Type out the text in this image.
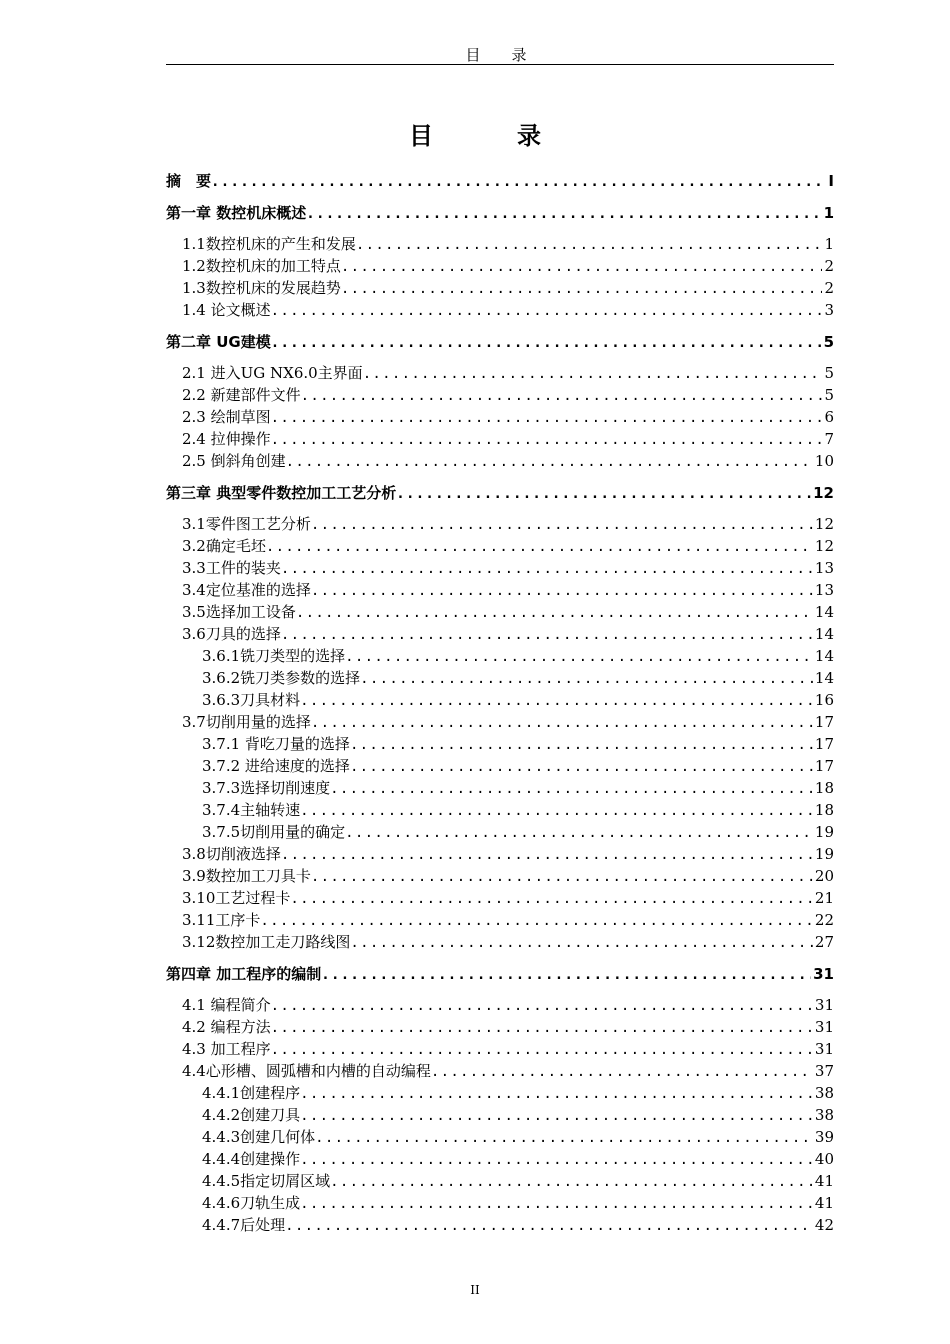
目　录
目　录
摘　要 .....	I
第一章 数控机床概述 .....	1
1.1数控机床的产生和发展 .....	1
1.2数控机床的加工特点 .....	2
1.3数控机床的发展趋势 .....	2
1.4 论文概述 .....	3
第二章 UG建模 .....	5
2.1 进入UG NX6.0主界面 .....	5
2.2 新建部件文件 .....	5
2.3 绘制草图 .....	6
2.4 拉伸操作 .....	7
2.5 倒斜角创建 .....	10
第三章 典型零件数控加工工艺分析 .....	12
3.1零件图工艺分析 .....	12
3.2确定毛坯 .....	12
3.3工件的装夹 .....	13
3.4定位基准的选择 .....	13
3.5选择加工设备 .....	14
3.6刀具的选择 .....	14
3.6.1铣刀类型的选择 .....	14
3.6.2铣刀类参数的选择 .....	14
3.6.3刀具材料 .....	16
3.7切削用量的选择 .....	17
3.7.1 背吃刀量的选择 .....	17
3.7.2 进给速度的选择 .....	17
3.7.3选择切削速度 .....	18
3.7.4主轴转速 .....	18
3.7.5切削用量的确定 .....	19
3.8切削液选择 .....	19
3.9数控加工刀具卡 .....	20
3.10工艺过程卡 .....	21
3.11工序卡 .....	22
3.12数控加工走刀路线图 .....	27
第四章 加工程序的编制 .....	31
4.1 编程简介 .....	31
4.2 编程方法 .....	31
4.3 加工程序 .....	31
4.4心形槽、圆弧槽和内槽的自动编程 .....	37
4.4.1创建程序 .....	38
4.4.2创建刀具 .....	38
4.4.3创建几何体 .....	39
4.4.4创建操作 .....	40
4.4.5指定切屑区域 .....	41
4.4.6刀轨生成 .....	41
4.4.7后处理 .....	42
II
